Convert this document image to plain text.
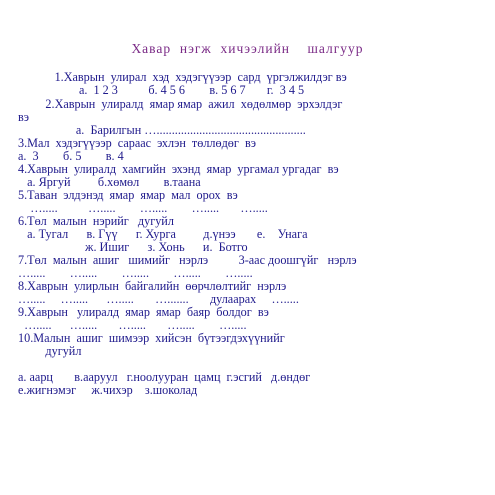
Хавар  нэгж  хичээлийн    шалгуур
1.Хаврын  улирал  хэд  хэдэгүүээр  сард  үргэлжилдэг вэ
а.  1 2 3          б. 4 5 6        в. 5 6 7       г.  3 4 5
2.Хаврын  улиралд  ямар ямар  ажил  хөдөлмөр  эрхэлдэг
вэ
а.  Барилгын ….................................................
3.Мал  хэдэгүүээр  сараас  эхлэн  төллөдөг  вэ
а.  3        б. 5        в. 4
4.Хаврын  улиралд  хамгийн  эхэнд  ямар  ургамал ургадаг  вэ
а. Яргуй         б.хөмөл        в.таана
5.Таван  элдэнэд  ямар  ямар  мал  орох  вэ
….....          ….....        ….....        ….....       ….....
6.Төл  малын  нэрийг   дугуйл
а. Тугал      в. Гүү      г. Хурга         д.үнээ       е.    Унага
ж. Ишиг      з. Хонь      и.  Ботго
7.Төл  малын  ашиг   шимийг   нэрлэ          3-аас доошгүйг   нэрлэ
….....        ….....        ….....        ….....        ….....
8.Хаврын  улирлын  байгалийн  өөрчлөлтийг  нэрлэ
….....     ….....      ….....       ….......       дулаарах     ….....
9.Хаврын   улиралд  ямар  ямар  баяр  болдог  вэ
….....      ….....       ….....       ….....        ….....
10.Малын  ашиг  шимээр  хийсэн  бүтээгдэхүүнийг
дугуйл
а. аарц       в.ааруул   г.ноолууран  цамц  г.эсгий   д.өндөг
е.жигнэмэг     ж.чихэр    з.шоколад
